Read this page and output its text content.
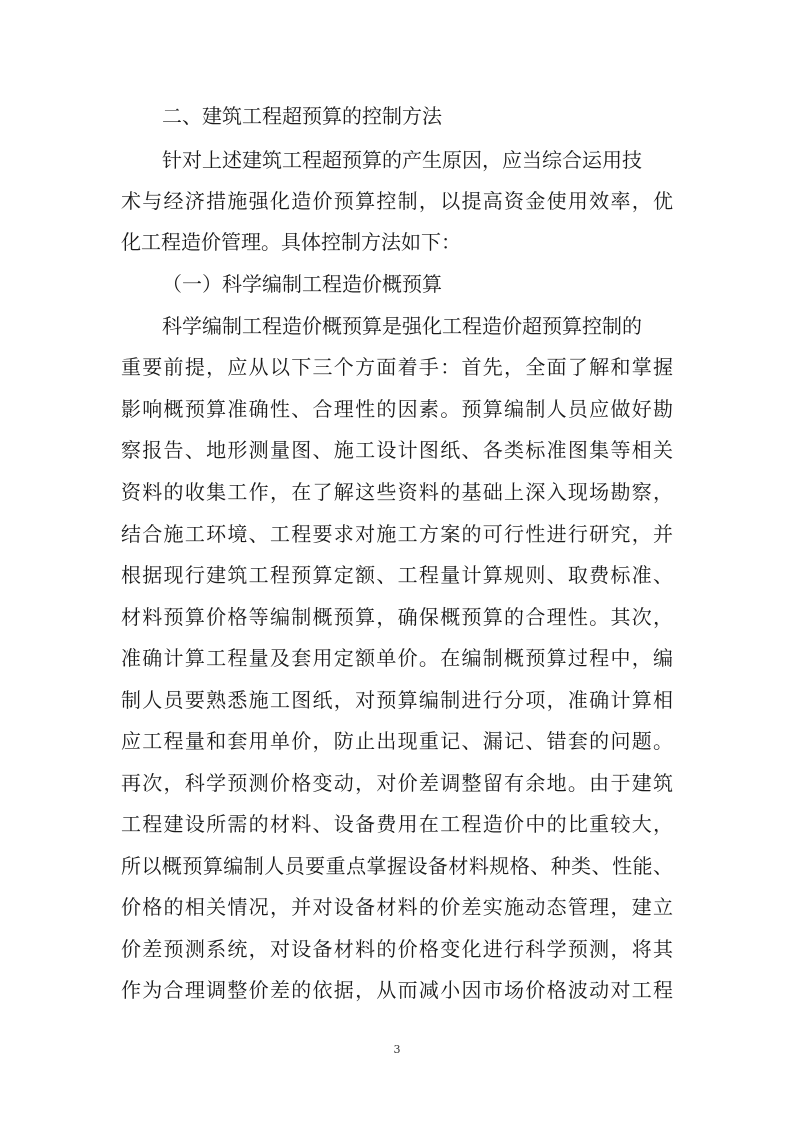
二、建筑工程超预算的控制方法
针对上述建筑工程超预算的产生原因，应当综合运用技
术与经济措施强化造价预算控制，以提高资金使用效率，优
化工程造价管理。具体控制方法如下：
（一）科学编制工程造价概预算
科学编制工程造价概预算是强化工程造价超预算控制的
重要前提，应从以下三个方面着手：首先，全面了解和掌握
影响概预算准确性、合理性的因素。预算编制人员应做好勘
察报告、地形测量图、施工设计图纸、各类标准图集等相关
资料的收集工作，在了解这些资料的基础上深入现场勘察，
结合施工环境、工程要求对施工方案的可行性进行研究，并
根据现行建筑工程预算定额、工程量计算规则、取费标准、
材料预算价格等编制概预算，确保概预算的合理性。其次，
准确计算工程量及套用定额单价。在编制概预算过程中，编
制人员要熟悉施工图纸，对预算编制进行分项，准确计算相
应工程量和套用单价，防止出现重记、漏记、错套的问题。
再次，科学预测价格变动，对价差调整留有余地。由于建筑
工程建设所需的材料、设备费用在工程造价中的比重较大，
所以概预算编制人员要重点掌握设备材料规格、种类、性能、
价格的相关情况，并对设备材料的价差实施动态管理，建立
价差预测系统，对设备材料的价格变化进行科学预测，将其
作为合理调整价差的依据，从而减小因市场价格波动对工程
3
